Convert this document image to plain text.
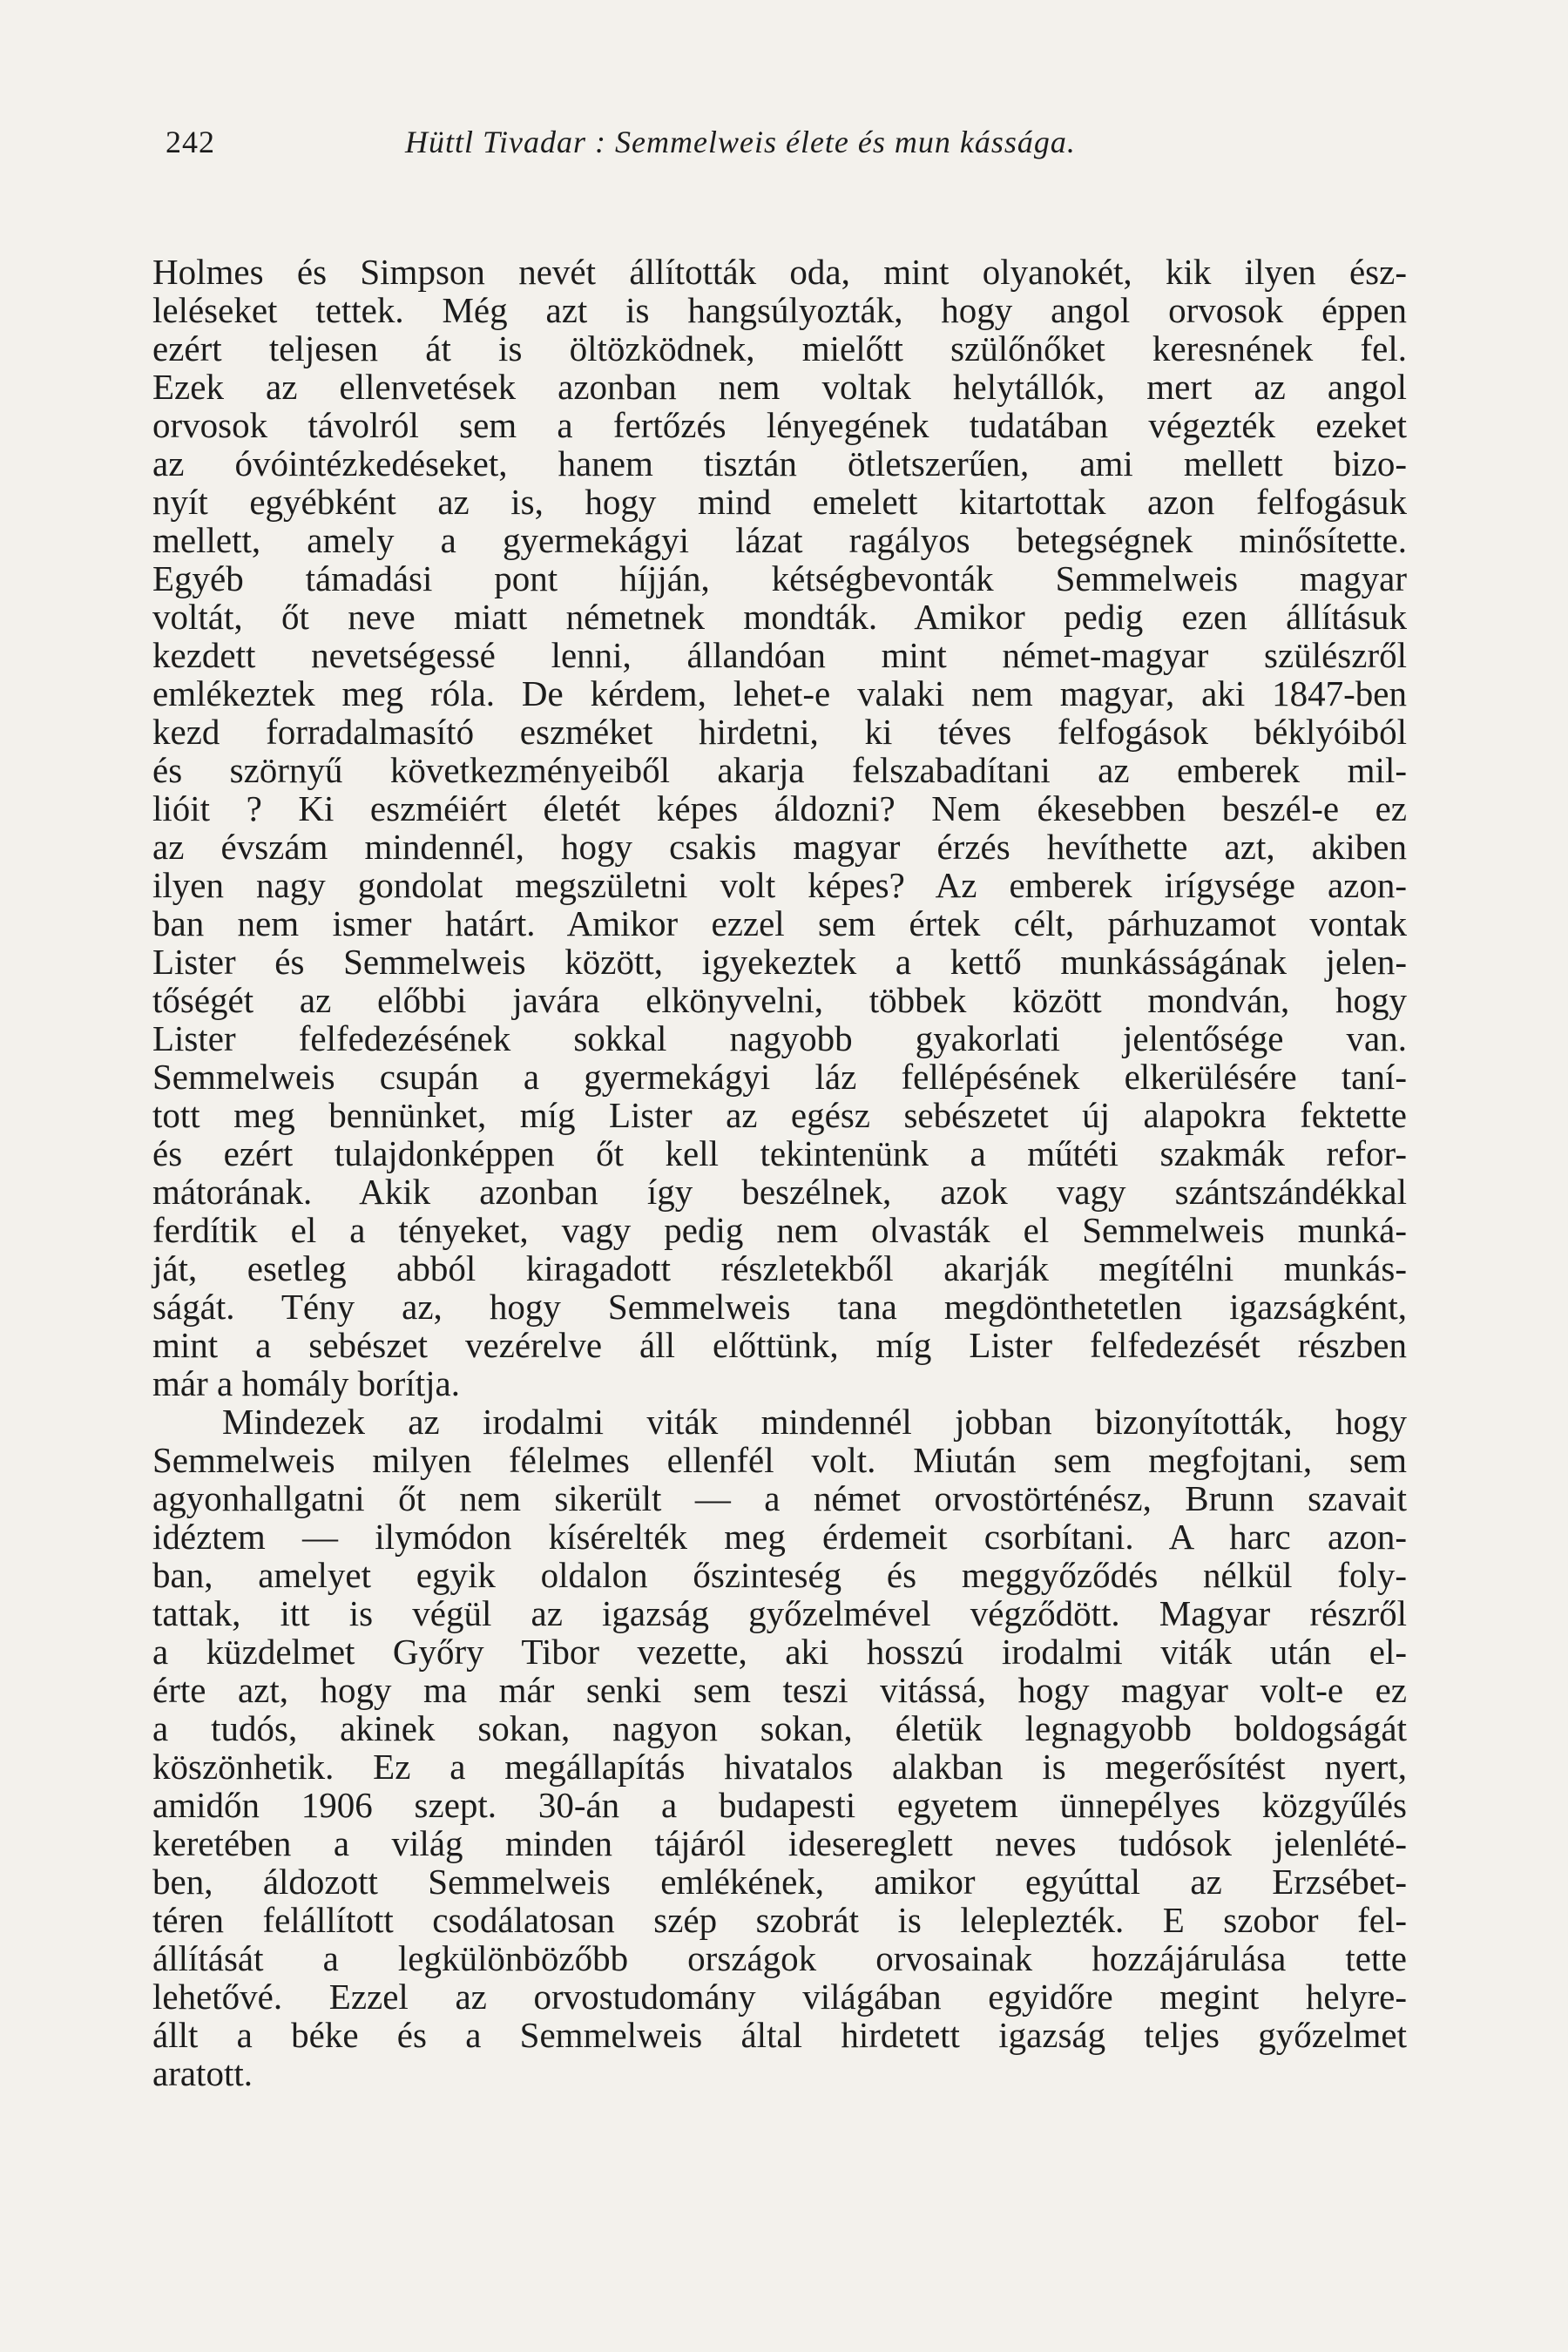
242	Hüttl Tivadar : Semmelweis élete és mun kássága.
Holmes és Simpson nevét állították oda, mint olyanokét, kik ilyen ész-
leléseket tettek. Még azt is hangsúlyozták, hogy angol orvosok éppen
ezért teljesen át is öltözködnek, mielőtt szülőnőket keresnének fel.
Ezek az ellenvetések azonban nem voltak helytállók, mert az angol
orvosok távolról sem a fertőzés lényegének tudatában végezték ezeket
az óvóintézkedéseket, hanem tisztán ötletszerűen, ami mellett bizo-
nyít egyébként az is, hogy mind emelett kitartottak azon felfogásuk
mellett, amely a gyermekágyi lázat ragályos betegségnek minősítette.
Egyéb támadási pont híjján, kétségbevonták Semmelweis magyar
voltát, őt neve miatt németnek mondták. Amikor pedig ezen állításuk
kezdett nevetségessé lenni, állandóan mint német-magyar szülészről
emlékeztek meg róla. De kérdem, lehet-e valaki nem magyar, aki 1847-ben
kezd forradalmasító eszméket hirdetni, ki téves felfogások béklyóiból
és szörnyű következményeiből akarja felszabadítani az emberek mil-
lióit ? Ki eszméiért életét képes áldozni? Nem ékesebben beszél-e ez
az évszám mindennél, hogy csakis magyar érzés hevíthette azt, akiben
ilyen nagy gondolat megszületni volt képes? Az emberek irígysége azon-
ban nem ismer határt. Amikor ezzel sem értek célt, párhuzamot vontak
Lister és Semmelweis között, igyekeztek a kettő munkásságának jelen-
tőségét az előbbi javára elkönyvelni, többek között mondván, hogy
Lister felfedezésének sokkal nagyobb gyakorlati jelentősége van.
Semmelweis csupán a gyermekágyi láz fellépésének elkerülésére taní-
tott meg bennünket, míg Lister az egész sebészetet új alapokra fektette
és ezért tulajdonképpen őt kell tekintenünk a műtéti szakmák refor-
mátorának. Akik azonban így beszélnek, azok vagy szántszándékkal
ferdítik el a tényeket, vagy pedig nem olvasták el Semmelweis munká-
ját, esetleg abból kiragadott részletekből akarják megítélni munkás-
ságát. Tény az, hogy Semmelweis tana megdönthetetlen igazságként,
mint a sebészet vezérelve áll előttünk, míg Lister felfedezését részben
már a homály borítja.
Mindezek az irodalmi viták mindennél jobban bizonyították, hogy
Semmelweis milyen félelmes ellenfél volt. Miután sem megfojtani, sem
agyonhallgatni őt nem sikerült — a német orvostörténész, Brunn szavait
idéztem — ilymódon kísérelték meg érdemeit csorbítani. A harc azon-
ban, amelyet egyik oldalon őszinteség és meggyőződés nélkül foly-
tattak, itt is végül az igazság győzelmével végződött. Magyar részről
a küzdelmet Győry Tibor vezette, aki hosszú irodalmi viták után el-
érte azt, hogy ma már senki sem teszi vitássá, hogy magyar volt-e ez
a tudós, akinek sokan, nagyon sokan, életük legnagyobb boldogságát
köszönhetik. Ez a megállapítás hivatalos alakban is megerősítést nyert,
amidőn 1906 szept. 30-án a budapesti egyetem ünnepélyes közgyűlés
keretében a világ minden tájáról idesereglett neves tudósok jelenlété-
ben, áldozott Semmelweis emlékének, amikor egyúttal az Erzsébet-
téren felállított csodálatosan szép szobrát is leleplezték. E szobor fel-
állítását a legkülönbözőbb országok orvosainak hozzájárulása tette
lehetővé. Ezzel az orvostudomány világában egyidőre megint helyre-
állt a béke és a Semmelweis által hirdetett igazság teljes győzelmet
aratott.
